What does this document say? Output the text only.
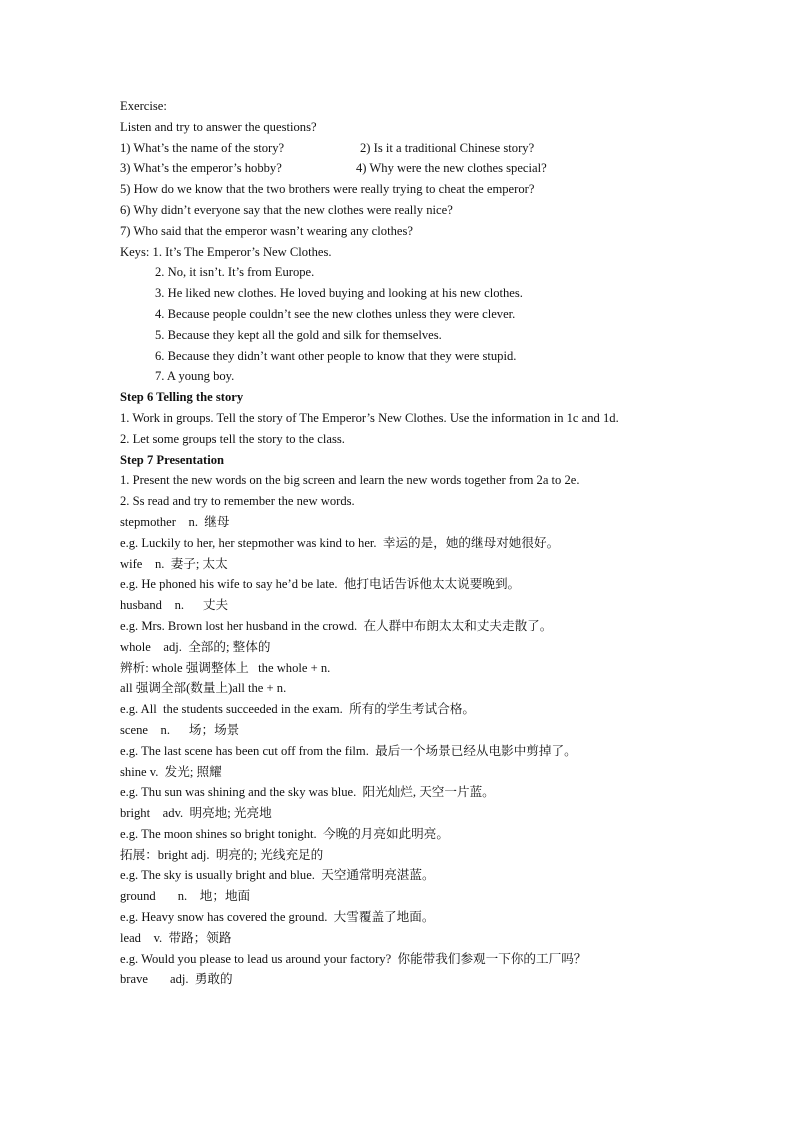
Exercise:
Listen and try to answer the questions?
1) What’s the name of the story?	2) Is it a traditional Chinese story?
3) What’s the emperor’s hobby?	4) Why were the new clothes special?
5) How do we know that the two brothers were really trying to cheat the emperor?
6) Why didn’t everyone say that the new clothes were really nice?
7) Who said that the emperor wasn’t wearing any clothes?
Keys: 1. It’s The Emperor’s New Clothes.
2. No, it isn’t. It’s from Europe.
3. He liked new clothes. He loved buying and looking at his new clothes.
4. Because people couldn’t see the new clothes unless they were clever.
5. Because they kept all the gold and silk for themselves.
6. Because they didn’t want other people to know that they were stupid.
7. A young boy.
Step 6 Telling the story
1. Work in groups. Tell the story of The Emperor’s New Clothes. Use the information in 1c and 1d.
2. Let some groups tell the story to the class.
Step 7 Presentation
1. Present the new words on the big screen and learn the new words together from 2a to 2e.
2. Ss read and try to remember the new words.
stepmother    n.  继母
e.g. Luckily to her, her stepmother was kind to her.  幸运的是，她的继母对她很好。
wife    n.  妻子; 太太
e.g. He phoned his wife to say he’d be late.  他打电话告诉他太太说要晚到。
husband    n.      丈夫
e.g. Mrs. Brown lost her husband in the crowd.  在人群中布朗太太和丈夫走散了。
whole    adj.  全部的; 整体的
辨析: whole 强调整体上   the whole + n.
all 强调全部(数量上)all the + n.
e.g. All  the students succeeded in the exam.  所有的学生考试合格。
scene    n.      场；场景
e.g. The last scene has been cut off from the film.  最后一个场景已经从电影中剪掉了。
shine v.  发光; 照耀
e.g. Thu sun was shining and the sky was blue.  阳光灿烂, 天空一片蓝。
bright    adv.  明亮地; 光亮地
e.g. The moon shines so bright tonight.  今晚的月亮如此明亮。
拓展：bright adj.  明亮的; 光线充足的
e.g. The sky is usually bright and blue.  天空通常明亮湛蓝。
ground       n.    地；地面
e.g. Heavy snow has covered the ground.  大雪覆盖了地面。
lead    v.  带路；领路
e.g. Would you please to lead us around your factory?  你能带我们参观一下你的工厂吗？
brave       adj.  勇敢的
